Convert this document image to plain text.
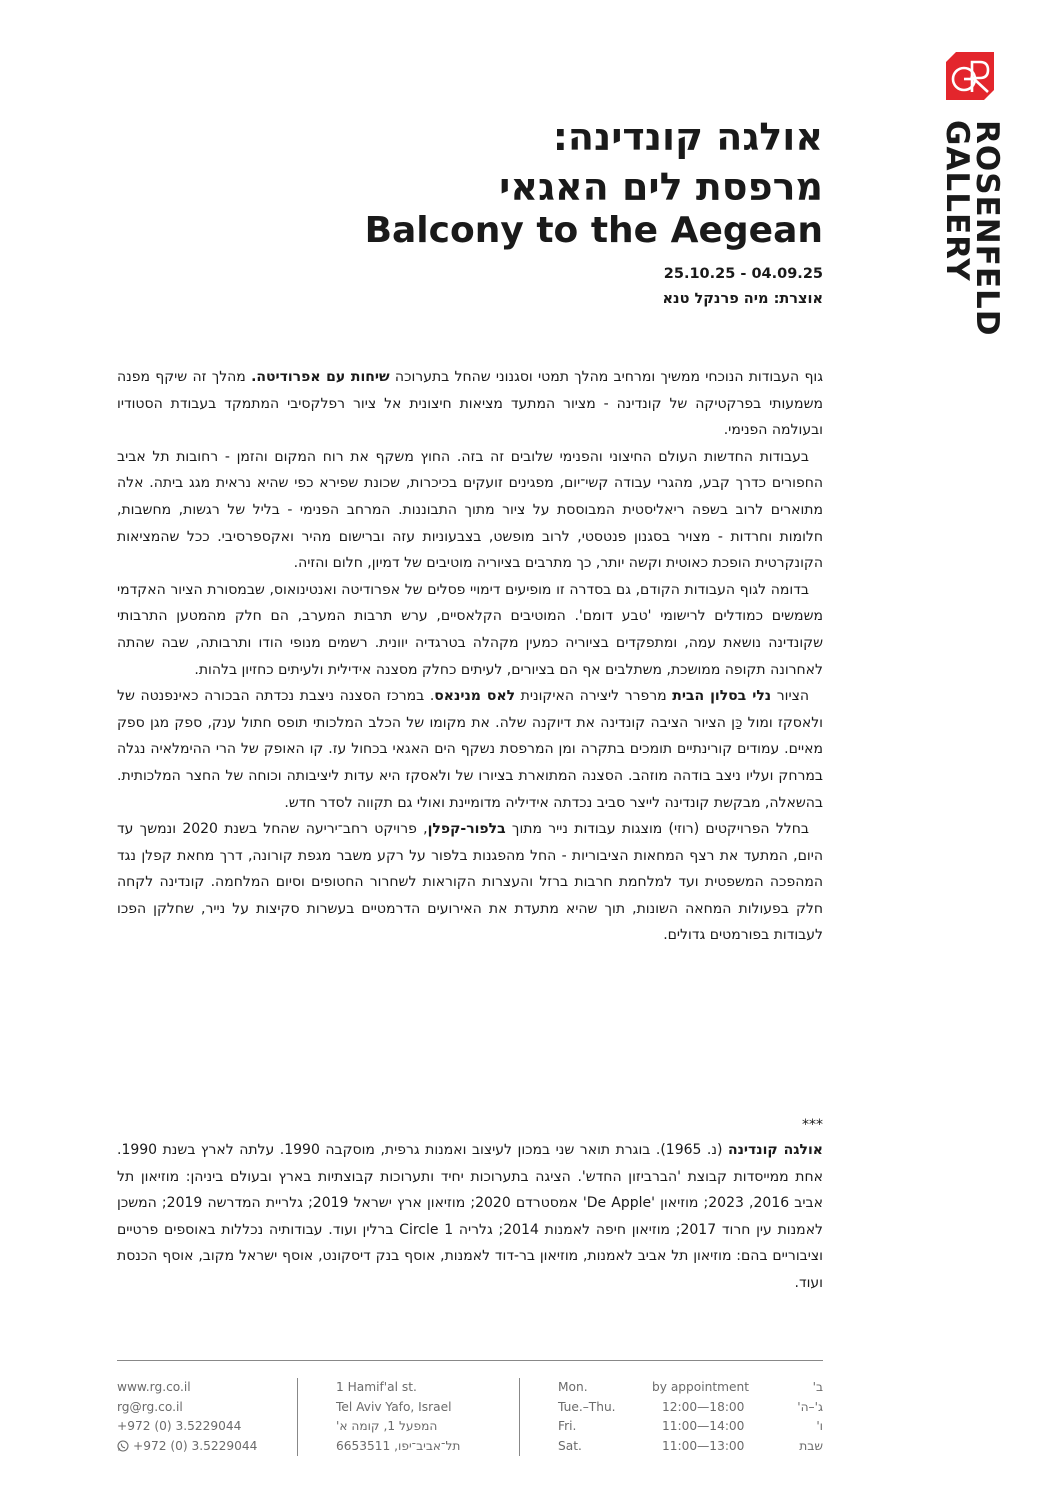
ROSENFELD
GALLERY
אולגה קונדינה:
מרפסת לים האגאי
Balcony to the Aegean
25.10.25 - 04.09.25
אוצרת: מיה פרנקל טנא

גוף העבודות הנוכחי ממשיך ומרחיב מהלך תמטי וסגנוני שהחל בתערוכה שיחות עם אפרודיטה. מהלך זה שיקף מפנה משמעותי בפרקטיקה של קונדינה - מציור המתעד מציאות חיצונית אל ציור רפלקסיבי המתמקד בעבודת הסטודיו ובעולמה הפנימי.

בעבודות החדשות העולם החיצוני והפנימי שלובים זה בזה. החוץ משקף את רוח המקום והזמן - רחובות תל אביב החפורים כדרך קבע, מהגרי עבודה קשי־יום, מפגינים זועקים בכיכרות, שכונת שפירא כפי שהיא נראית מגג ביתה. אלה מתוארים לרוב בשפה ריאליסטית המבוססת על ציור מתוך התבוננות. המרחב הפנימי - בליל של רגשות, מחשבות, חלומות וחרדות - מצויר בסגנון פנטסטי, לרוב מופשט, בצבעוניות עזה וברישום מהיר ואקספרסיבי. ככל שהמציאות הקונקרטית הופכת כאוטית וקשה יותר, כך מתרבים בציוריה מוטיבים של דמיון, חלום והזיה.

בדומה לגוף העבודות הקודם, גם בסדרה זו מופיעים דימויי פסלים של אפרודיטה ואנטינואוס, שבמסורת הציור האקדמי משמשים כמודלים לרישומי 'טבע דומם'. המוטיבים הקלאסיים, ערש תרבות המערב, הם חלק מהמטען התרבותי שקונדינה נושאת עמה, ומתפקדים בציוריה כמעין מקהלה בטרגדיה יוונית. רשמים מנופי הודו ותרבותה, שבה שהתה לאחרונה תקופה ממושכת, משתלבים אף הם בציורים, לעיתים כחלק מסצנה אידילית ולעיתים כחזיון בלהות.

הציור נלי בסלון הבית מרפרר ליצירה האיקונית לאס מנינאס. במרכז הסצנה ניצבת נכדתה הבכורה כאינפנטה של ולאסקז ומול כַּן הציור הציבה קונדינה את דיוקנה שלה. את מקומו של הכלב המלכותי תופס חתול ענק, ספק מגן ספק מאיים. עמודים קורינתיים תומכים בתקרה ומן המרפסת נשקף הים האגאי בכחול עז. קו האופק של הרי ההימלאיה נגלה במרחק ועליו ניצב בודהה מוזהב. הסצנה המתוארת בציורו של ולאסקז היא עדות ליציבותה וכוחה של החצר המלכותית. בהשאלה, מבקשת קונדינה לייצר סביב נכדתה אידיליה מדומיינת ואולי גם תקווה לסדר חדש.

בחלל הפרויקטים (רוזי) מוצגות עבודות נייר מתוך בלפור-קפלן, פרויקט רחב־יריעה שהחל בשנת 2020 ונמשך עד היום, המתעד את רצף המחאות הציבוריות - החל מהפגנות בלפור על רקע משבר מגפת קורונה, דרך מחאת קפלן נגד המהפכה המשפטית ועד למלחמת חרבות ברזל והעצרות הקוראות לשחרור החטופים וסיום המלחמה. קונדינה לקחה חלק בפעולות המחאה השונות, תוך שהיא מתעדת את האירועים הדרמטיים בעשרות סקיצות על נייר, שחלקן הפכו לעבודות בפורמטים גדולים.

***

אולגה קונדינה (נ. 1965). בוגרת תואר שני במכון לעיצוב ואמנות גרפית, מוסקבה 1990. עלתה לארץ בשנת 1990. אחת ממייסדות קבוצת 'הברביזון החדש'. הציגה בתערוכות יחיד ותערוכות קבוצתיות בארץ ובעולם ביניהן: מוזיאון תל אביב 2016, 2023; מוזיאון 'De Apple' אמסטרדם 2020; מוזיאון ארץ ישראל 2019; גלריית המדרשה 2019; המשכן לאמנות עין חרוד 2017; מוזיאון חיפה לאמנות 2014; גלריה Circle 1 ברלין ועוד. עבודותיה נכללות באוספים פרטיים וציבוריים בהם: מוזיאון תל אביב לאמנות, מוזיאון בר-דוד לאמנות, אוסף בנק דיסקונט, אוסף ישראל מקוב, אוסף הכנסת ועוד.

www.rg.co.il
rg@rg.co.il
+972 (0) 3.5229044
+972 (0) 3.5229044
1 Hamif'al st.
Tel Aviv Yafo, Israel
המפעל 1, קומה א'
תל־אביב־יפו, 6653511
Mon.
Tue.–Thu.
Fri.
Sat.
by appointment
12:00—18:00
11:00—14:00
11:00—13:00
ב'
ג'–ה'
ו'
שבת
